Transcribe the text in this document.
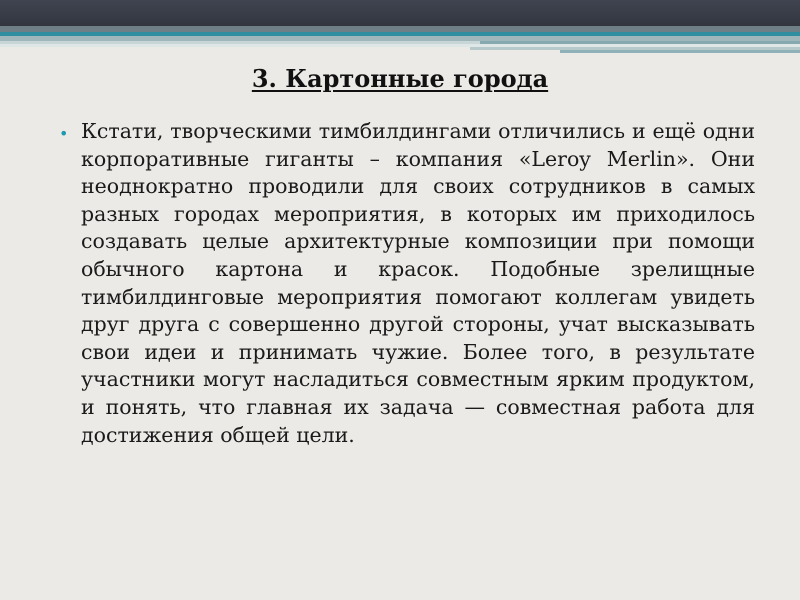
3. Картонные города
• Кстати, творческими тимбилдингами отличились и ещё одни корпоративные гиганты – компания «Leroy Merlin». Они неоднократно проводили для своих сотрудников в самых разных городах мероприятия, в которых им приходилось создавать целые архитектурные композиции при помощи обычного картона и красок. Подобные зрелищные тимбилдинговые мероприятия помогают коллегам увидеть друг друга с совершенно другой стороны, учат высказывать свои идеи и принимать чужие. Более того, в результате участники могут насладиться совместным ярким продуктом, и понять, что главная их задача — совместная работа для достижения общей цели.
